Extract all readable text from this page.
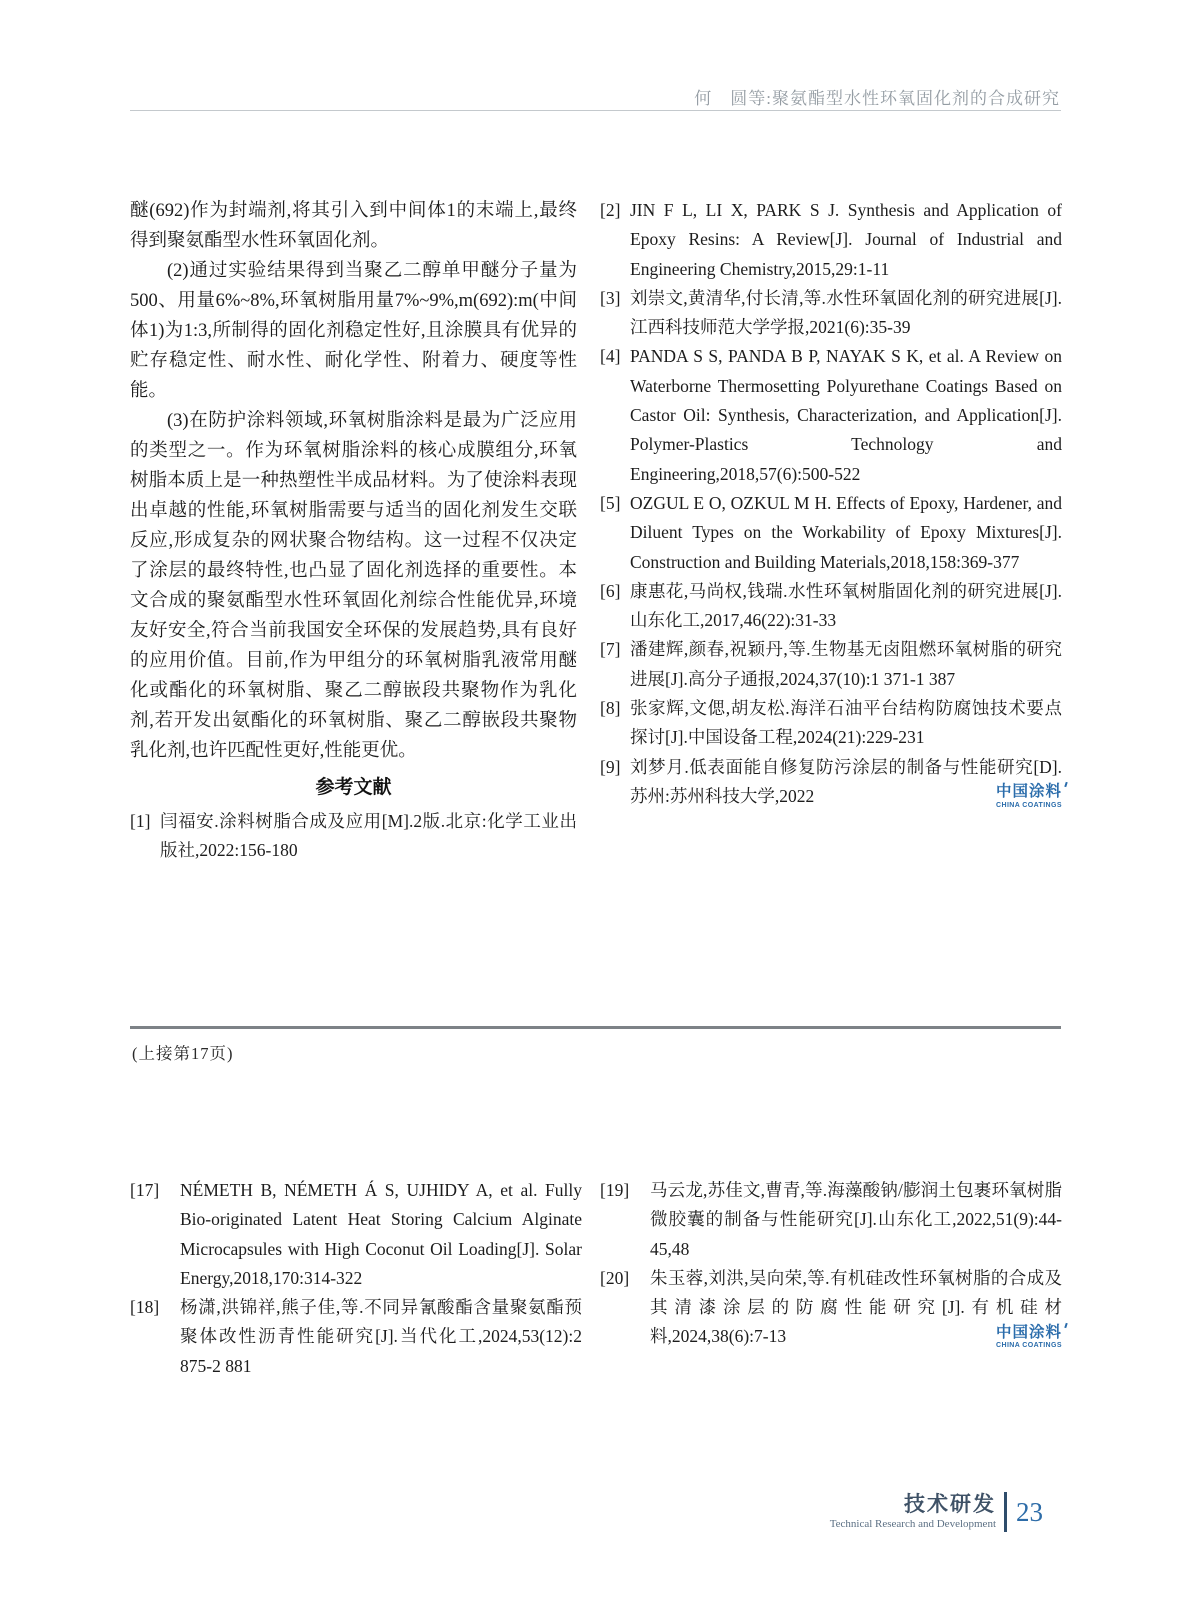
何　圆等:聚氨酯型水性环氧固化剂的合成研究
醚(692)作为封端剂,将其引入到中间体1的末端上,最终得到聚氨酯型水性环氧固化剂。
(2)通过实验结果得到当聚乙二醇单甲醚分子量为500、用量6%~8%,环氧树脂用量7%~9%,m(692):m(中间体1)为1:3,所制得的固化剂稳定性好,且涂膜具有优异的贮存稳定性、耐水性、耐化学性、附着力、硬度等性能。
(3)在防护涂料领域,环氧树脂涂料是最为广泛应用的类型之一。作为环氧树脂涂料的核心成膜组分,环氧树脂本质上是一种热塑性半成品材料。为了使涂料表现出卓越的性能,环氧树脂需要与适当的固化剂发生交联反应,形成复杂的网状聚合物结构。这一过程不仅决定了涂层的最终特性,也凸显了固化剂选择的重要性。本文合成的聚氨酯型水性环氧固化剂综合性能优异,环境友好安全,符合当前我国安全环保的发展趋势,具有良好的应用价值。目前,作为甲组分的环氧树脂乳液常用醚化或酯化的环氧树脂、聚乙二醇嵌段共聚物作为乳化剂,若开发出氨酯化的环氧树脂、聚乙二醇嵌段共聚物乳化剂,也许匹配性更好,性能更优。
参考文献
[1] 闫福安.涂料树脂合成及应用[M].2版.北京:化学工业出版社,2022:156-180
[2] JIN F L, LI X, PARK S J. Synthesis and Application of Epoxy Resins: A Review[J]. Journal of Industrial and Engineering Chemistry,2015,29:1-11
[3] 刘崇文,黄清华,付长清,等.水性环氧固化剂的研究进展[J].江西科技师范大学学报,2021(6):35-39
[4] PANDA S S, PANDA B P, NAYAK S K, et al. A Review on Waterborne Thermosetting Polyurethane Coatings Based on Castor Oil: Synthesis, Characterization, and Application[J]. Polymer-Plastics Technology and Engineering,2018,57(6):500-522
[5] OZGUL E O, OZKUL M H. Effects of Epoxy, Hardener, and Diluent Types on the Workability of Epoxy Mixtures[J]. Construction and Building Materials,2018,158:369-377
[6] 康惠花,马尚权,钱瑞.水性环氧树脂固化剂的研究进展[J].山东化工,2017,46(22):31-33
[7] 潘建辉,颜春,祝颖丹,等.生物基无卤阻燃环氧树脂的研究进展[J].高分子通报,2024,37(10):1 371-1 387
[8] 张家辉,文偲,胡友松.海洋石油平台结构防腐蚀技术要点探讨[J].中国设备工程,2024(21):229-231
[9] 刘梦月.低表面能自修复防污涂层的制备与性能研究[D].苏州:苏州科技大学,2022	中国涂料
CHINA COATINGS
(上接第17页)
[17] NÉMETH B, NÉMETH Á S, UJHIDY A, et al. Fully Bio-originated Latent Heat Storing Calcium Alginate Microcapsules with High Coconut Oil Loading[J]. Solar Energy,2018,170:314-322
[18] 杨潇,洪锦祥,熊子佳,等.不同异氰酸酯含量聚氨酯预聚体改性沥青性能研究[J].当代化工,2024,53(12):2 875-2 881
[19] 马云龙,苏佳文,曹青,等.海藻酸钠/膨润土包裹环氧树脂微胶囊的制备与性能研究[J].山东化工,2022,51(9):44-45,48
[20] 朱玉蓉,刘洪,吴向荣,等.有机硅改性环氧树脂的合成及其清漆涂层的防腐性能研究[J].有机硅材料,2024,38(6):7-13	中国涂料
CHINA COATINGS
技术研发
Technical Research and Development 23
